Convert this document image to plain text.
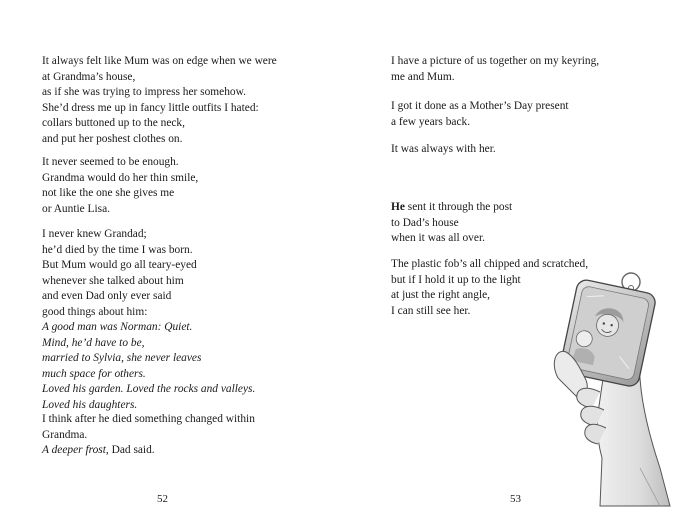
It always felt like Mum was on edge when we were
at Grandma’s house,
as if she was trying to impress her somehow.
She’d dress me up in fancy little outfits I hated:
collars buttoned up to the neck,
and put her poshest clothes on.
It never seemed to be enough.
Grandma would do her thin smile,
not like the one she gives me
or Auntie Lisa.
I never knew Grandad;
he’d died by the time I was born.
But Mum would go all teary-eyed
whenever she talked about him
and even Dad only ever said
good things about him:
A good man was Norman: Quiet.
Mind, he’d have to be,
married to Sylvia, she never leaves
much space for others.
Loved his garden. Loved the rocks and valleys.
Loved his daughters.
I think after he died something changed within
Grandma.
A deeper frost, Dad said.
52
I have a picture of us together on my keyring,
me and Mum.
I got it done as a Mother’s Day present
a few years back.
It was always with her.
He sent it through the post
to Dad’s house
when it was all over.
The plastic fob’s all chipped and scratched,
but if I hold it up to the light
at just the right angle,
I can still see her.
53
